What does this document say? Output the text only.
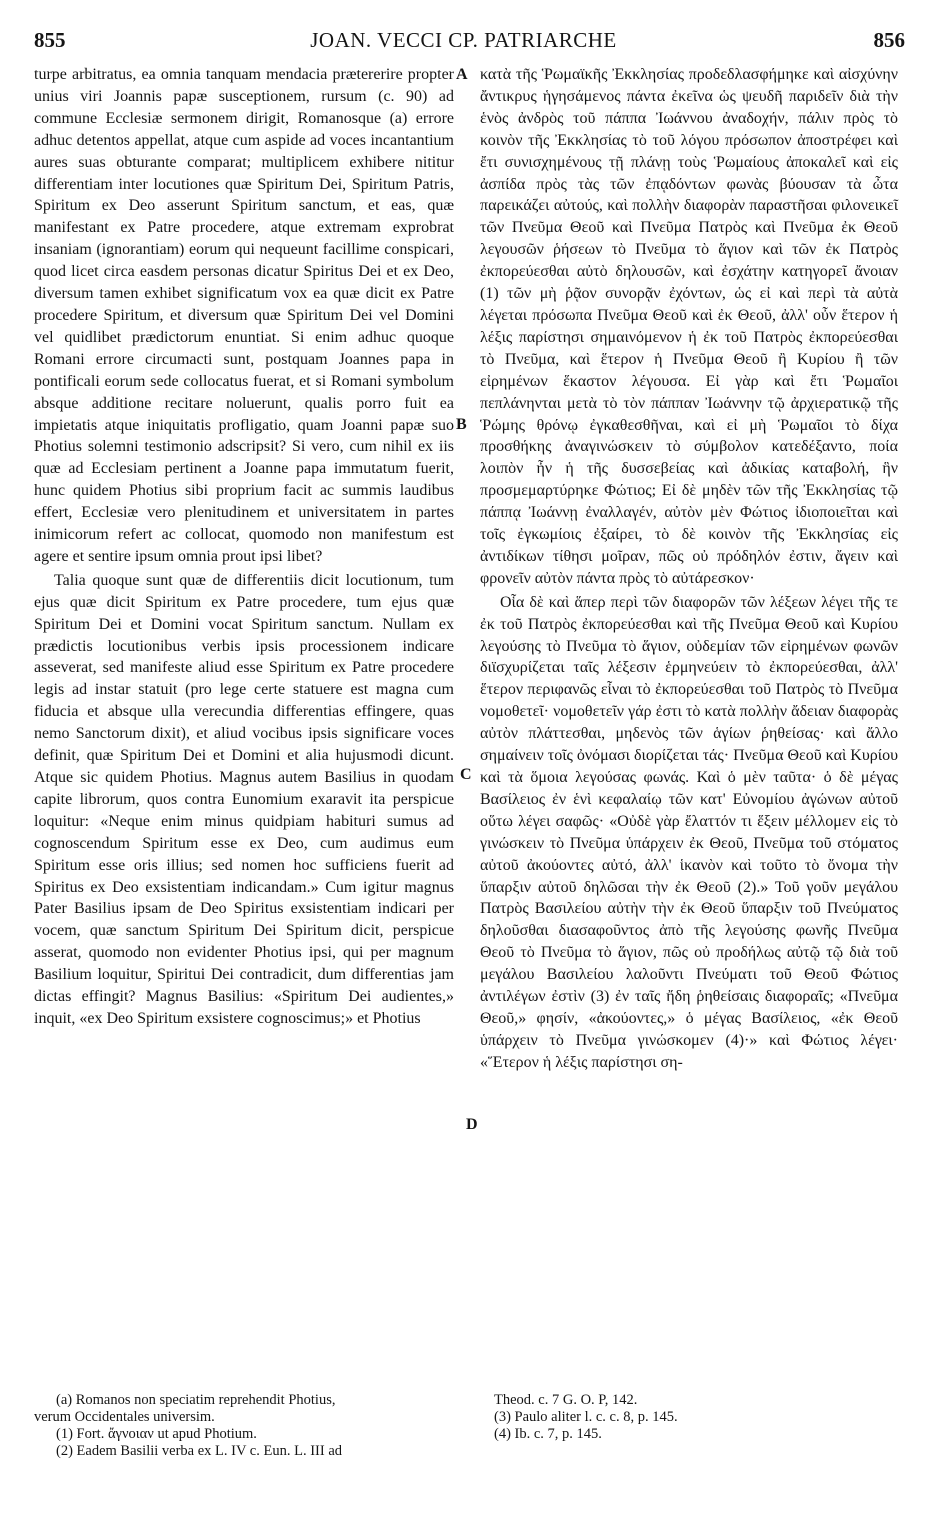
855	JOAN. VECCI CP. PATRIARCHE	856

turpe arbitratus, ea omnia tanquam mendacia prætererire propter unius viri Joannis papæ susceptionem, rursum (c. 90) ad commune Ecclesiæ sermonem dirigit, Romanosque (a) errore adhuc detentos appellat, atque cum aspide ad voces incantantium aures suas obturante comparat; multiplicem exhibere nititur differentiam inter locutiones quæ Spiritum Dei, Spiritum Patris, Spiritum ex Deo asserunt Spiritum sanctum, et eas, quæ manifestant ex Patre procedere, atque extremam exprobrat insaniam (ignorantiam) eorum qui nequeunt facillime conspicari, quod licet circa easdem personas dicatur Spiritus Dei et ex Deo, diversum tamen exhibet significatum vox ea quæ dicit ex Patre procedere Spiritum, et diversum quæ Spiritum Dei vel Domini vel quidlibet prædictorum enuntiat. Si enim adhuc quoque Romani errore circumacti sunt, postquam Joannes papa in pontificali eorum sede collocatus fuerat, et si Romani symbolum absque additione recitare noluerunt, qualis porro fuit ea impietatis atque iniquitatis profligatio, quam Joanni papæ suo Photius solemni testimonio adscripsit? Si vero, cum nihil ex iis quæ ad Ecclesiam pertinent a Joanne papa immutatum fuerit, hunc quidem Photius sibi proprium facit ac summis laudibus effert, Ecclesiæ vero plenitudinem et universitatem in partes inimicorum refert ac collocat, quomodo non manifestum est agere et sentire ipsum omnia prout ipsi libet?

Talia quoque sunt quæ de differentiis dicit locutionum, tum ejus quæ dicit Spiritum ex Patre procedere, tum ejus quæ Spiritum Dei et Domini vocat Spiritum sanctum. Nullam ex prædictis locutionibus verbis ipsis processionem indicare asseverat, sed manifeste aliud esse Spiritum ex Patre procedere legis ad instar statuit (pro lege certe statuere est magna cum fiducia et absque ulla verecundia differentias effingere, quas nemo Sanctorum dixit), et aliud vocibus ipsis significare voces definit, quæ Spiritum Dei et Domini et alia hujusmodi dicunt. Atque sic quidem Photius. Magnus autem Basilius in quodam capite librorum, quos contra Eunomium exaravit ita perspicue loquitur: «Neque enim minus quidpiam habituri sumus ad cognoscendum Spiritum esse ex Deo, cum audimus eum Spiritum esse oris illius; sed nomen hoc sufficiens fuerit ad Spiritus ex Deo exsistentiam indicandam.» Cum igitur magnus Pater Basilius ipsam de Deo Spiritus exsistentiam indicari per vocem, quæ sanctum Spiritum Dei Spiritum dicit, perspicue asserat, quomodo non evidenter Photius ipsi, qui per magnum Basilium loquitur, Spiritui Dei contradicit, dum differentias jam dictas effingit? Magnus Basilius: «Spiritum Dei audientes,» inquit, «ex Deo Spiritum exsistere cognoscimus;» et Photius

A
B
C
D

κατὰ τῆς Ῥωμαϊκῆς Ἐκκλησίας προδεδλασφήμηκε καὶ αἰσχύνην ἄντικρυς ἡγησάμενος πάντα ἐκεῖνα ὡς ψευδῆ παριδεῖν διὰ τὴν ἑνὸς ἀνδρὸς τοῦ πάππα Ἰωάννου ἀναδοχήν, πάλιν πρὸς τὸ κοινὸν τῆς Ἐκκλησίας τὸ τοῦ λόγου πρόσωπον ἀποστρέφει καὶ ἔτι συνισχημένους τῇ πλάνῃ τοὺς Ῥωμαίους ἀποκαλεῖ καὶ εἰς ἀσπίδα πρὸς τὰς τῶν ἐπᾳδόντων φωνὰς βύουσαν τὰ ὦτα παρεικάζει αὐτούς, καὶ πολλὴν διαφορὰν παραστῆσαι φιλονεικεῖ τῶν Πνεῦμα Θεοῦ καὶ Πνεῦμα Πατρὸς καὶ Πνεῦμα ἐκ Θεοῦ λεγουσῶν ῥήσεων τὸ Πνεῦμα τὸ ἅγιον καὶ τῶν ἐκ Πατρὸς ἐκπορεύεσθαι αὐτὸ δηλουσῶν, καὶ ἐσχάτην κατηγορεῖ ἄνοιαν (1) τῶν μὴ ῥᾷον συνορᾷν ἐχόντων, ὡς εἰ καὶ περὶ τὰ αὐτὰ λέγεται πρόσωπα Πνεῦμα Θεοῦ καὶ ἐκ Θεοῦ, ἀλλ' οὖν ἕτερον ἡ λέξις παρίστησι σημαινόμενον ἡ ἐκ τοῦ Πατρὸς ἐκπορεύεσθαι τὸ Πνεῦμα, καὶ ἕτερον ἡ Πνεῦμα Θεοῦ ἢ Κυρίου ἢ τῶν εἰρημένων ἕκαστον λέγουσα. Εἰ γὰρ καὶ ἔτι Ῥωμαῖοι πεπλάνηνται μετὰ τὸ τὸν πάππαν Ἰωάννην τῷ ἀρχιερατικῷ τῆς Ῥώμης θρόνῳ ἐγκαθεσθῆναι, καὶ εἰ μὴ Ῥωμαῖοι τὸ δίχα προσθήκης ἀναγινώσκειν τὸ σύμβολον κατεδέξαντο, ποία λοιπὸν ἦν ἡ τῆς δυσσεβείας καὶ ἀδικίας καταβολή, ἣν προσμεμαρτύρηκε Φώτιος; Εἰ δὲ μηδὲν τῶν τῆς Ἐκκλησίας τῷ πάππᾳ Ἰωάννῃ ἐναλλαγέν, αὐτὸν μὲν Φώτιος ἰδιοποιεῖται καὶ τοῖς ἐγκωμίοις ἐξαίρει, τὸ δὲ κοινὸν τῆς Ἐκκλησίας εἰς ἀντιδίκων τίθησι μοῖραν, πῶς οὐ πρόδηλόν ἐστιν, ἄγειν καὶ φρονεῖν αὐτὸν πάντα πρὸς τὸ αὐτάρεσκον·

Οἷα δὲ καὶ ἅπερ περὶ τῶν διαφορῶν τῶν λέξεων λέγει τῆς τε ἐκ τοῦ Πατρὸς ἐκπορεύεσθαι καὶ τῆς Πνεῦμα Θεοῦ καὶ Κυρίου λεγούσης τὸ Πνεῦμα τὸ ἅγιον, οὐδεμίαν τῶν εἰρημένων φωνῶν διϊσχυρίζεται ταῖς λέξεσιν ἑρμηνεύειν τὸ ἐκπορεύεσθαι, ἀλλ' ἕτερον περιφανῶς εἶναι τὸ ἐκπορεύεσθαι τοῦ Πατρὸς τὸ Πνεῦμα νομοθετεῖ· νομοθετεῖν γάρ ἐστι τὸ κατὰ πολλὴν ἄδειαν διαφορὰς αὐτὸν πλάττεσθαι, μηδενὸς τῶν ἁγίων ῥηθείσας· καὶ ἄλλο σημαίνειν τοῖς ὀνόμασι διορίζεται τάς· Πνεῦμα Θεοῦ καὶ Κυρίου καὶ τὰ ὅμοια λεγούσας φωνάς. Καὶ ὁ μὲν ταῦτα· ὁ δὲ μέγας Βασίλειος ἐν ἑνὶ κεφαλαίῳ τῶν κατ' Εὐνομίου ἀγώνων αὐτοῦ οὕτω λέγει σαφῶς· «Οὐδὲ γὰρ ἔλαττόν τι ἕξειν μέλλομεν εἰς τὸ γινώσκειν τὸ Πνεῦμα ὑπάρχειν ἐκ Θεοῦ, Πνεῦμα τοῦ στόματος αὐτοῦ ἀκούοντες αὐτό, ἀλλ' ἱκανὸν καὶ τοῦτο τὸ ὄνομα τὴν ὕπαρξιν αὐτοῦ δηλῶσαι τὴν ἐκ Θεοῦ (2).» Τοῦ γοῦν μεγάλου Πατρὸς Βασιλείου αὐτὴν τὴν ἐκ Θεοῦ ὕπαρξιν τοῦ Πνεύματος δηλοῦσθαι διασαφοῦντος ἀπὸ τῆς λεγούσης φωνῆς Πνεῦμα Θεοῦ τὸ Πνεῦμα τὸ ἅγιον, πῶς οὐ προδήλως αὐτῷ τῷ διὰ τοῦ μεγάλου Βασιλείου λαλοῦντι Πνεύματι τοῦ Θεοῦ Φώτιος ἀντιλέγων ἐστὶν (3) ἐν ταῖς ἤδη ῥηθείσαις διαφοραῖς; «Πνεῦμα Θεοῦ,» φησίν, «ἀκούοντες,» ὁ μέγας Βασίλειος, «ἐκ Θεοῦ ὑπάρχειν τὸ Πνεῦμα γινώσκομεν (4)·» καὶ Φώτιος λέγει· «Ἕτερον ἡ λέξις παρίστησι ση-

(a) Romanos non speciatim reprehendit Photius,
verum Occidentales universim.
(1) Fort. ἄγνοιαν ut apud Photium.
(2) Eadem Basilii verba ex L. IV c. Eun. L. III ad
Theod. c. 7 G. O. P, 142.
(3) Paulo aliter l. c. c. 8, p. 145.
(4) Ib. c. 7, p. 145.
